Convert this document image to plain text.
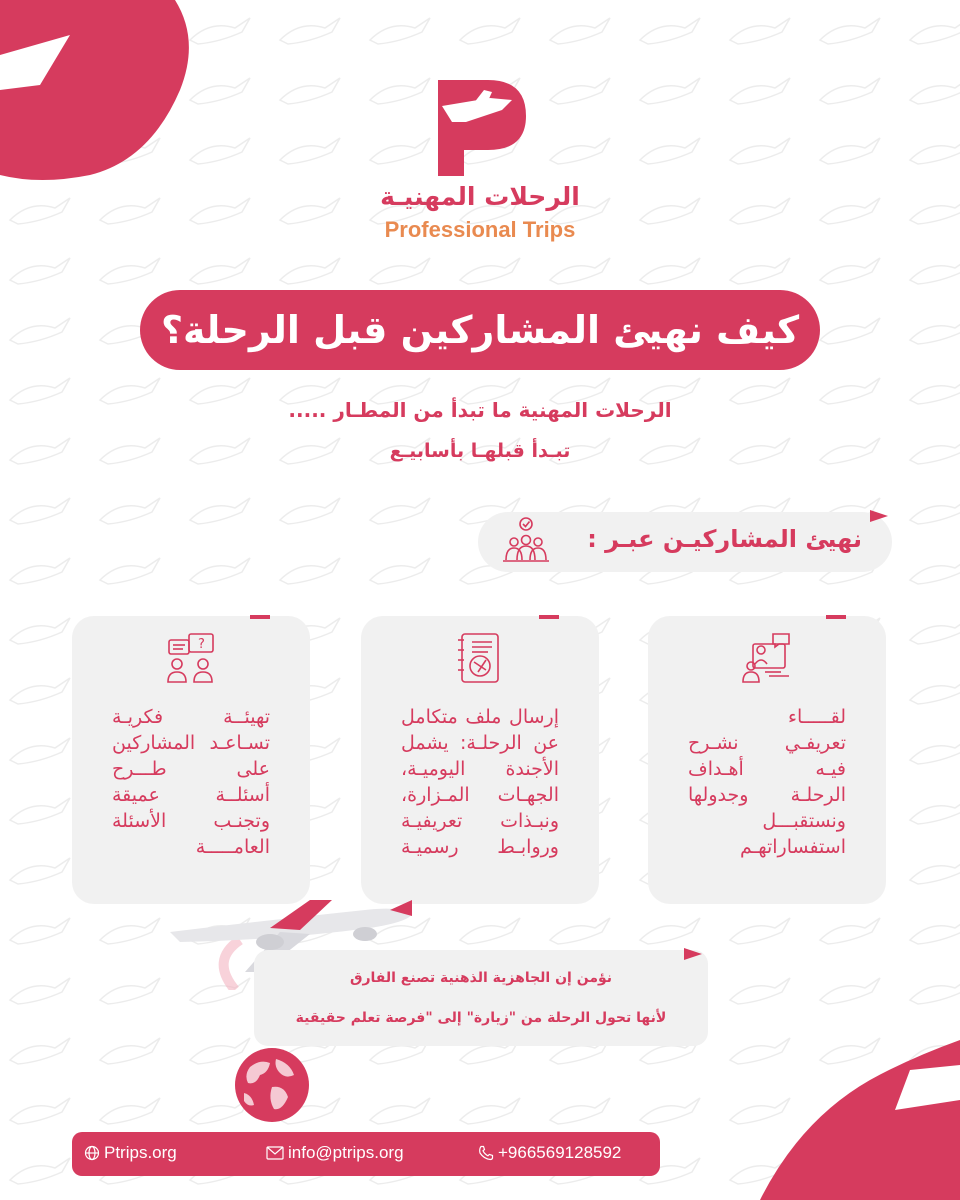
الرحلات المهنيـة
Professional Trips
كيف نهيئ المشاركين قبل الرحلة؟
الرحلات المهنية ما تبدأ من المطـار .....
تبـدأ قبلهـا بأسابيـع
نهيئ المشاركيـن عبـر :
لقـــــاء
تعريفـي نشـرح
فيـه أهـداف
الرحلـة وجدولها
ونستقبـــل
استفساراتهـم
إرسال ملف متكامل
عن الرحلـة: يشمل
الأجندة اليوميـة،
الجهـات المـزارة،
ونبـذات تعريفيـة
وروابـط رسميـة
?
تهيئــة فكريـة
تسـاعـد المشاركين
على طـــرح
أسئلــة عميقة
وتجنـب الأسئلة
العامـــــة
نؤمن إن الجاهزية الذهنية تصنع الفارق
لأنها تحول الرحلة من "زيارة" إلى "فرصة تعلم حقيقية
Ptrips.org	info@ptrips.org	+966569128592
